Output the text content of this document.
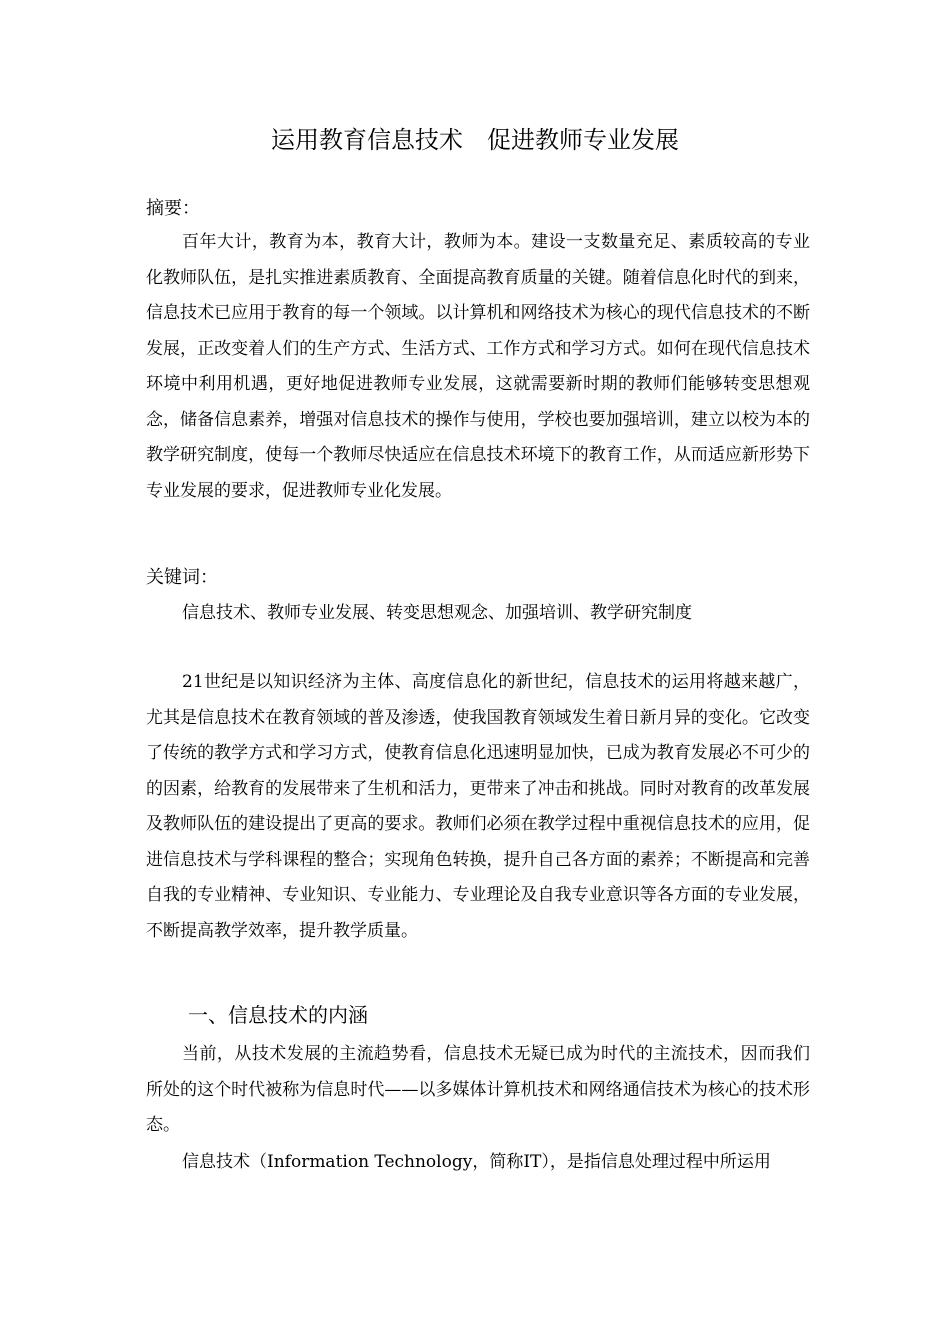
运用教育信息技术　促进教师专业发展
摘要：

百年大计，教育为本，教育大计，教师为本。建设一支数量充足、素质较高的专业化教师队伍，是扎实推进素质教育、全面提高教育质量的关键。随着信息化时代的到来，信息技术已应用于教育的每一个领域。以计算机和网络技术为核心的现代信息技术的不断发展，正改变着人们的生产方式、生活方式、工作方式和学习方式。如何在现代信息技术环境中利用机遇，更好地促进教师专业发展，这就需要新时期的教师们能够转变思想观念，储备信息素养，增强对信息技术的操作与使用，学校也要加强培训，建立以校为本的教学研究制度，使每一个教师尽快适应在信息技术环境下的教育工作，从而适应新形势下专业发展的要求，促进教师专业化发展。

关键词：
信息技术、教师专业发展、转变思想观念、加强培训、教学研究制度

21世纪是以知识经济为主体、高度信息化的新世纪，信息技术的运用将越来越广，尤其是信息技术在教育领域的普及渗透，使我国教育领域发生着日新月异的变化。它改变了传统的教学方式和学习方式，使教育信息化迅速明显加快，已成为教育发展必不可少的的因素，给教育的发展带来了生机和活力，更带来了冲击和挑战。同时对教育的改革发展及教师队伍的建设提出了更高的要求。教师们必须在教学过程中重视信息技术的应用，促进信息技术与学科课程的整合；实现角色转换，提升自己各方面的素养；不断提高和完善自我的专业精神、专业知识、专业能力、专业理论及自我专业意识等各方面的专业发展，不断提高教学效率，提升教学质量。

一、信息技术的内涵

当前，从技术发展的主流趋势看，信息技术无疑已成为时代的主流技术，因而我们所处的这个时代被称为信息时代——以多媒体计算机技术和网络通信技术为核心的技术形态。

信息技术（Information Technology，简称IT），是指信息处理过程中所运用
